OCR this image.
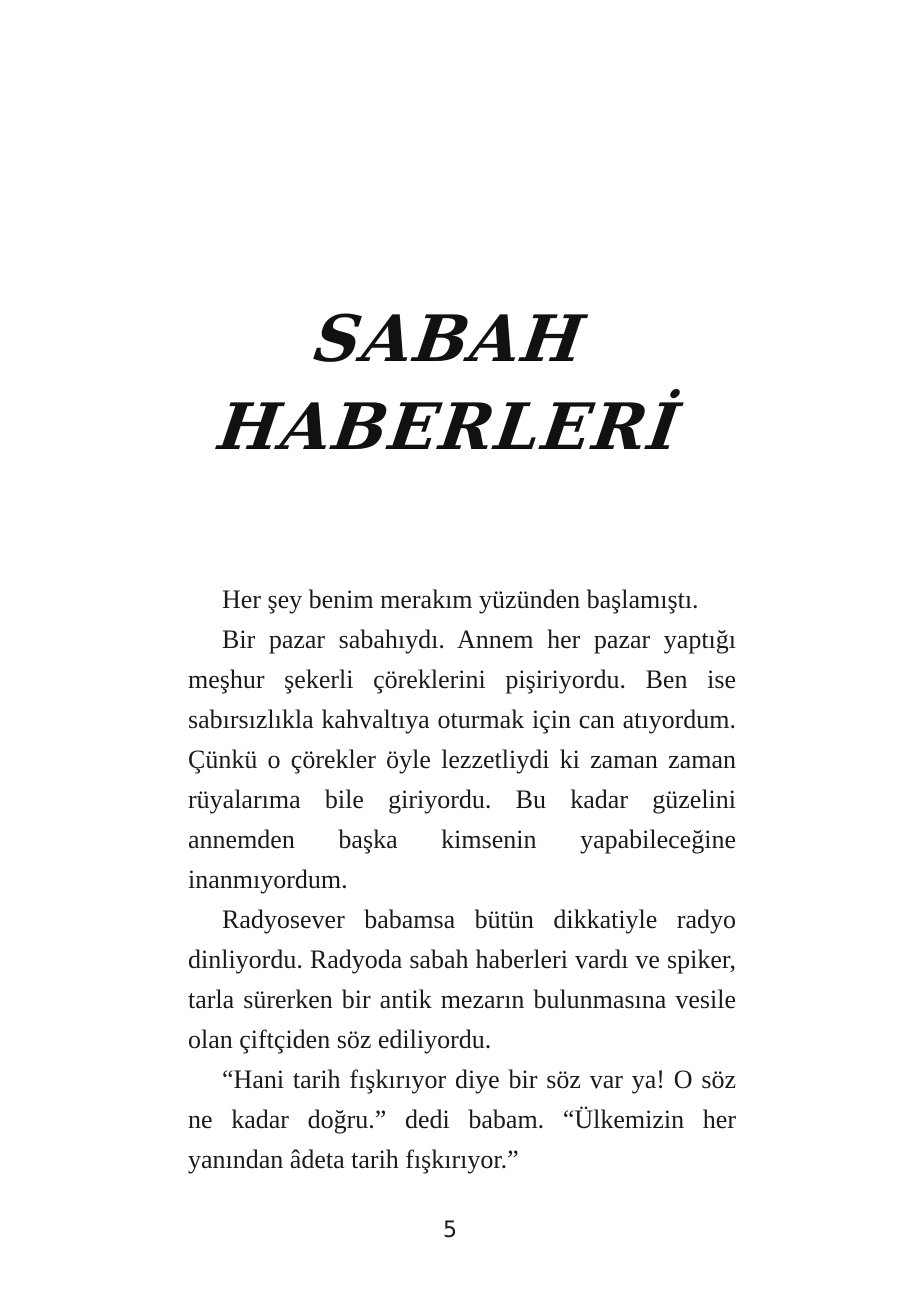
SABAH
HABERLERİ

Her şey benim merakım yüzünden başlamıştı.

Bir pazar sabahıydı. Annem her pazar yaptığı meşhur şekerli çöreklerini pişiriyordu. Ben ise sabırsızlıkla kahvaltıya oturmak için can atıyordum. Çünkü o çörekler öyle lezzetliydi ki zaman zaman rüyalarıma bile giriyordu. Bu kadar güzelini annemden başka kimsenin yapabileceğine inanmıyordum.

Radyosever babamsa bütün dikkatiyle radyo dinliyordu. Radyoda sabah haberleri vardı ve spiker, tarla sürerken bir antik mezarın bulunmasına vesile olan çiftçiden söz ediliyordu.

“Hani tarih fışkırıyor diye bir söz var ya! O söz ne kadar doğru.” dedi babam. “Ülkemizin her yanından âdeta tarih fışkırıyor.”

5
